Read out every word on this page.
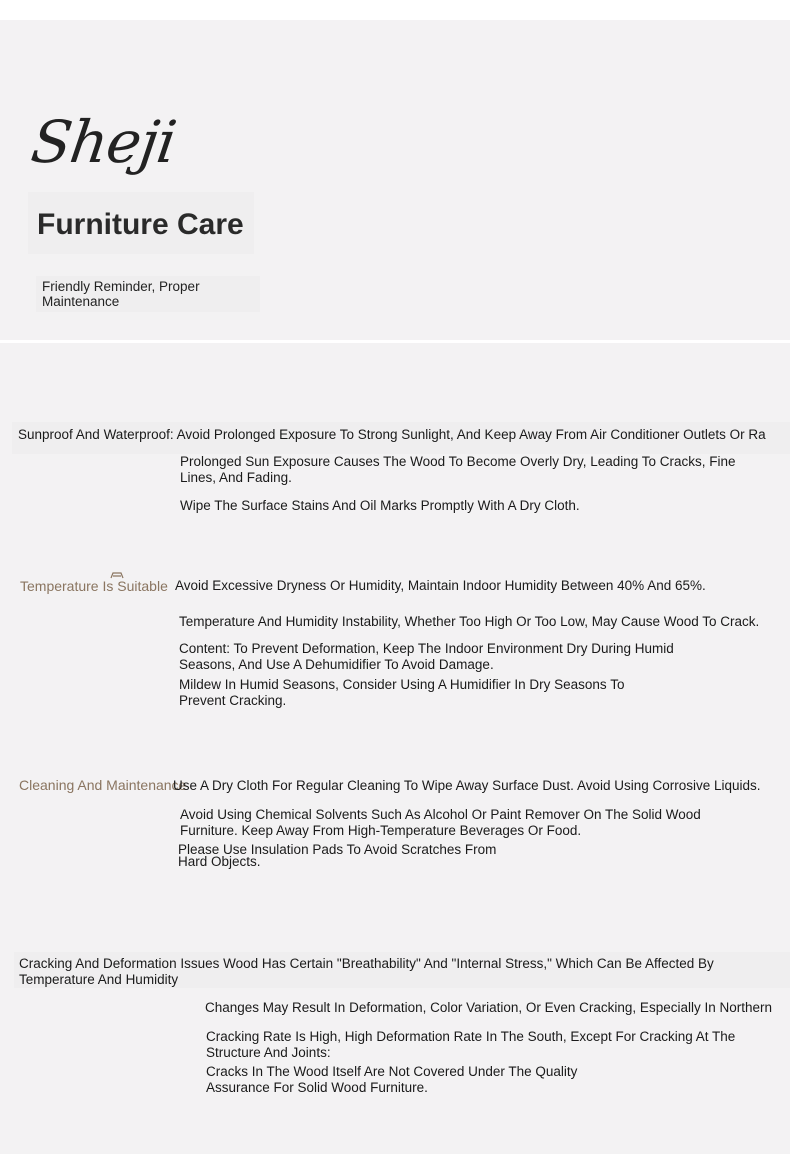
Sheji
Furniture Care
Friendly Reminder, Proper Maintenance
Sunproof And Waterproof: Avoid Prolonged Exposure To Strong Sunlight, And Keep Away From Air Conditioner Outlets Or Ra
Prolonged Sun Exposure Causes The Wood To Become Overly Dry, Leading To Cracks, Fine Lines, And Fading.
Wipe The Surface Stains And Oil Marks Promptly With A Dry Cloth.
Temperature Is Suitable Avoid Excessive Dryness Or Humidity, Maintain Indoor Humidity Between 40% And 65%.
Temperature And Humidity Instability, Whether Too High Or Too Low, May Cause Wood To Crack.
Content: To Prevent Deformation, Keep The Indoor Environment Dry During Humid Seasons, And Use A Dehumidifier To Avoid Damage.
Mildew In Humid Seasons, Consider Using A Humidifier In Dry Seasons To Prevent Cracking.
Cleaning And Maintenance
Use A Dry Cloth For Regular Cleaning To Wipe Away Surface Dust. Avoid Using Corrosive Liquids.
Avoid Using Chemical Solvents Such As Alcohol Or Paint Remover On The Solid Wood Furniture. Keep Away From High-Temperature Beverages Or Food.
Please Use Insulation Pads To Avoid Scratches From Hard Objects.
Cracking And Deformation Issues Wood Has Certain "Breathability" And "Internal Stress," Which Can Be Affected By Temperature And Humidity
Changes May Result In Deformation, Color Variation, Or Even Cracking, Especially In Northern
Cracking Rate Is High, High Deformation Rate In The South, Except For Cracking At The Structure And Joints:
Cracks In The Wood Itself Are Not Covered Under The Quality Assurance For Solid Wood Furniture.
